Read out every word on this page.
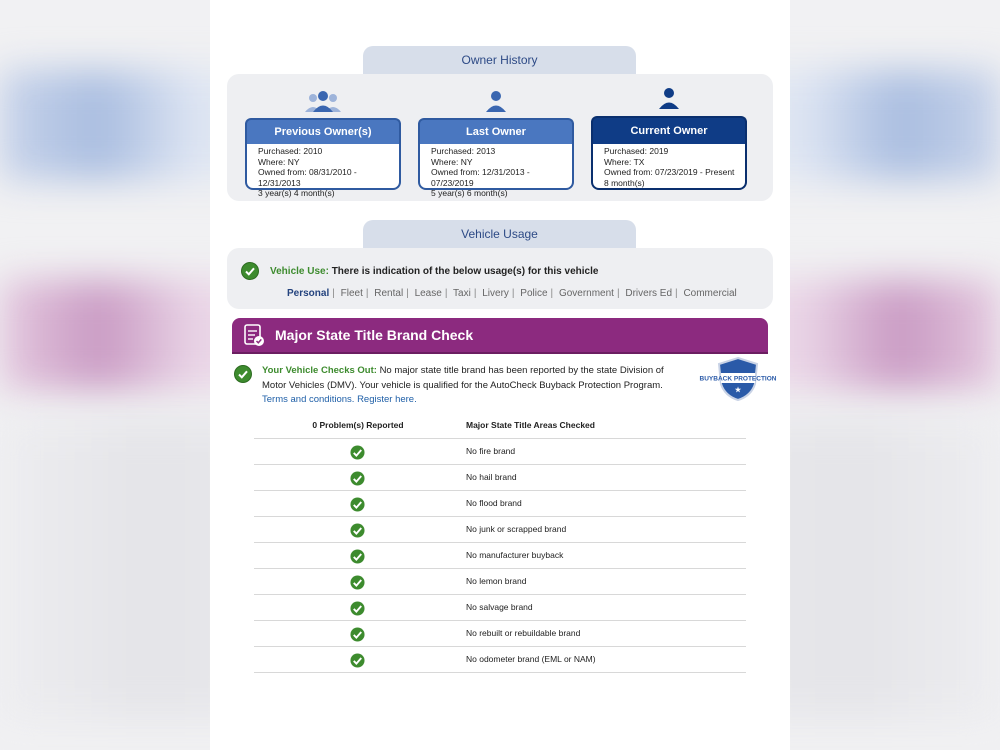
Owner History
Previous Owner(s)
Purchased: 2010
Where: NY
Owned from: 08/31/2010 - 12/31/2013
3 year(s) 4 month(s)
Last Owner
Purchased: 2013
Where: NY
Owned from: 12/31/2013 - 07/23/2019
5 year(s) 6 month(s)
Current Owner
Purchased: 2019
Where: TX
Owned from: 07/23/2019 - Present
8 month(s)
Vehicle Usage
Vehicle Use: There is indication of the below usage(s) for this vehicle
Personal | Fleet | Rental | Lease | Taxi | Livery | Police | Government | Drivers Ed | Commercial
Major State Title Brand Check
Your Vehicle Checks Out: No major state title brand has been reported by the state Division of Motor Vehicles (DMV). Your vehicle is qualified for the AutoCheck Buyback Protection Program. Terms and conditions. Register here.
BUYBACK PROTECTION
★
0 Problem(s) Reported	Major State Title Areas Checked
No fire brand
No hail brand
No flood brand
No junk or scrapped brand
No manufacturer buyback
No lemon brand
No salvage brand
No rebuilt or rebuildable brand
No odometer brand (EML or NAM)
